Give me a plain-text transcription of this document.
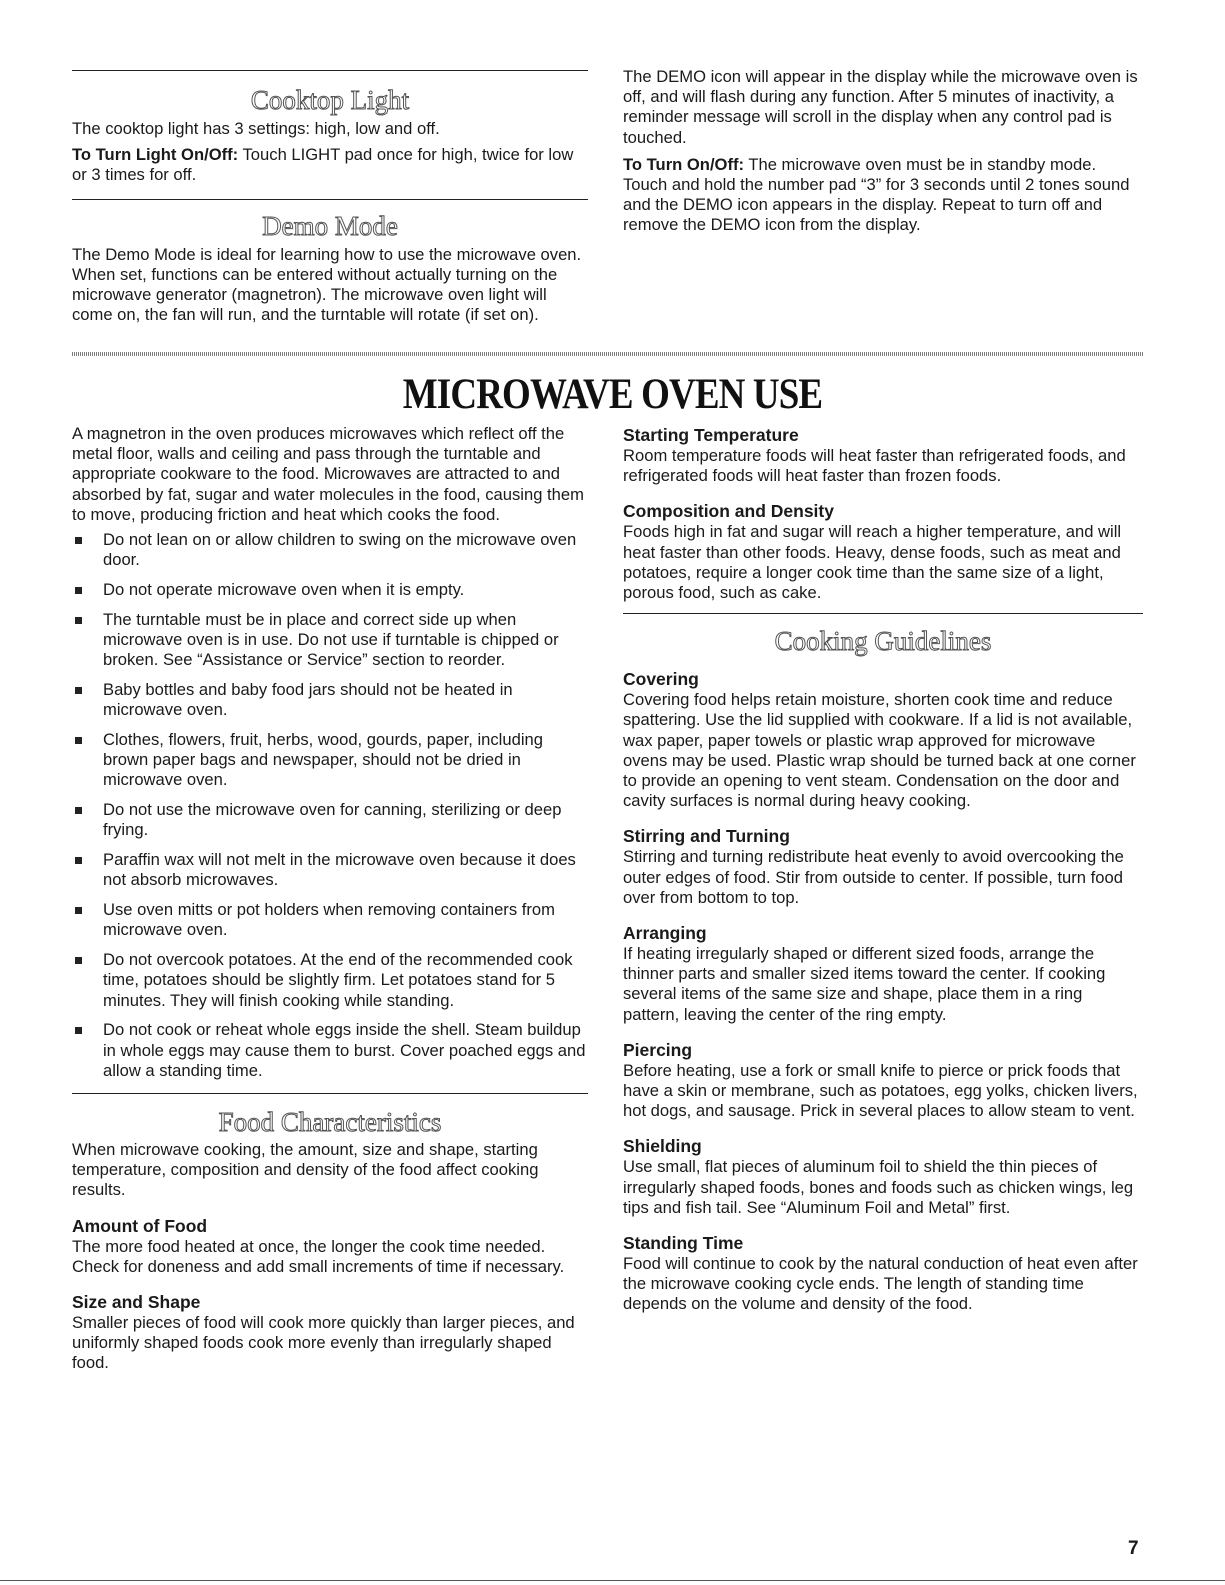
Cooktop Light

The cooktop light has 3 settings: high, low and off.

To Turn Light On/Off: Touch LIGHT pad once for high, twice for low or 3 times for off.

Demo Mode

The Demo Mode is ideal for learning how to use the microwave oven. When set, functions can be entered without actually turning on the microwave generator (magnetron). The microwave oven light will come on, the fan will run, and the turntable will rotate (if set on).

The DEMO icon will appear in the display while the microwave oven is off, and will flash during any function. After 5 minutes of inactivity, a reminder message will scroll in the display when any control pad is touched.

To Turn On/Off: The microwave oven must be in standby mode. Touch and hold the number pad “3” for 3 seconds until 2 tones sound and the DEMO icon appears in the display. Repeat to turn off and remove the DEMO icon from the display.

MICROWAVE OVEN USE

A magnetron in the oven produces microwaves which reflect off the metal floor, walls and ceiling and pass through the turntable and appropriate cookware to the food. Microwaves are attracted to and absorbed by fat, sugar and water molecules in the food, causing them to move, producing friction and heat which cooks the food.

Do not lean on or allow children to swing on the microwave oven door.
Do not operate microwave oven when it is empty.
The turntable must be in place and correct side up when microwave oven is in use. Do not use if turntable is chipped or broken. See “Assistance or Service” section to reorder.
Baby bottles and baby food jars should not be heated in microwave oven.
Clothes, flowers, fruit, herbs, wood, gourds, paper, including brown paper bags and newspaper, should not be dried in microwave oven.
Do not use the microwave oven for canning, sterilizing or deep frying.
Paraffin wax will not melt in the microwave oven because it does not absorb microwaves.
Use oven mitts or pot holders when removing containers from microwave oven.
Do not overcook potatoes. At the end of the recommended cook time, potatoes should be slightly firm. Let potatoes stand for 5 minutes. They will finish cooking while standing.
Do not cook or reheat whole eggs inside the shell. Steam buildup in whole eggs may cause them to burst. Cover poached eggs and allow a standing time.
Food Characteristics

When microwave cooking, the amount, size and shape, starting temperature, composition and density of the food affect cooking results.

Amount of Food

The more food heated at once, the longer the cook time needed. Check for doneness and add small increments of time if necessary.

Size and Shape

Smaller pieces of food will cook more quickly than larger pieces, and uniformly shaped foods cook more evenly than irregularly shaped food.

Starting Temperature

Room temperature foods will heat faster than refrigerated foods, and refrigerated foods will heat faster than frozen foods.

Composition and Density

Foods high in fat and sugar will reach a higher temperature, and will heat faster than other foods. Heavy, dense foods, such as meat and potatoes, require a longer cook time than the same size of a light, porous food, such as cake.

Cooking Guidelines

Covering

Covering food helps retain moisture, shorten cook time and reduce spattering. Use the lid supplied with cookware. If a lid is not available, wax paper, paper towels or plastic wrap approved for microwave ovens may be used. Plastic wrap should be turned back at one corner to provide an opening to vent steam. Condensation on the door and cavity surfaces is normal during heavy cooking.

Stirring and Turning

Stirring and turning redistribute heat evenly to avoid overcooking the outer edges of food. Stir from outside to center. If possible, turn food over from bottom to top.

Arranging

If heating irregularly shaped or different sized foods, arrange the thinner parts and smaller sized items toward the center. If cooking several items of the same size and shape, place them in a ring pattern, leaving the center of the ring empty.

Piercing

Before heating, use a fork or small knife to pierce or prick foods that have a skin or membrane, such as potatoes, egg yolks, chicken livers, hot dogs, and sausage. Prick in several places to allow steam to vent.

Shielding

Use small, flat pieces of aluminum foil to shield the thin pieces of irregularly shaped foods, bones and foods such as chicken wings, leg tips and fish tail. See “Aluminum Foil and Metal” first.

Standing Time

Food will continue to cook by the natural conduction of heat even after the microwave cooking cycle ends. The length of standing time depends on the volume and density of the food.

7
